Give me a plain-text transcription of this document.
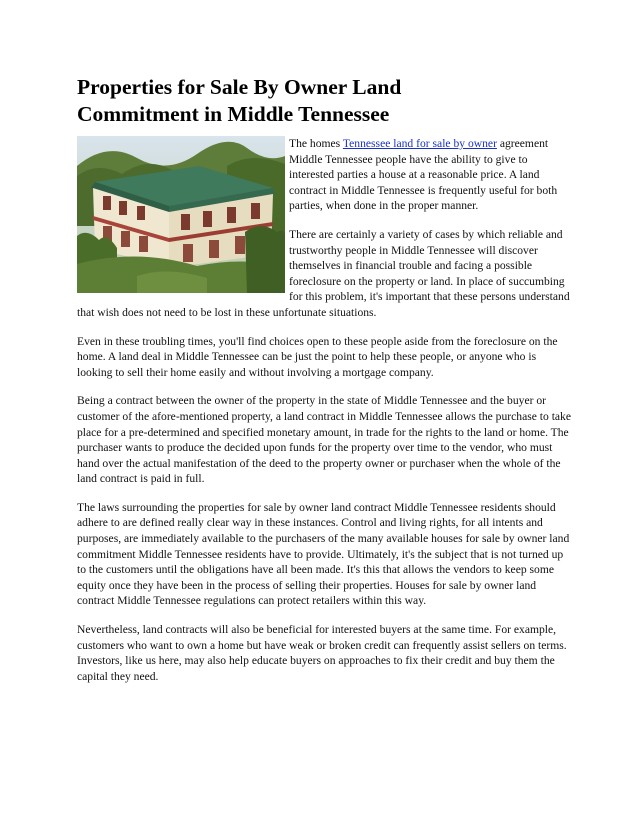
Properties for Sale By Owner Land
Commitment in Middle Tennessee

The homes Tennessee land for sale by owner agreement Middle Tennessee people have the ability to give to interested parties a house at a reasonable price. A land contract in Middle Tennessee is frequently useful for both parties, when done in the proper manner.

There are certainly a variety of cases by which reliable and trustworthy people in Middle Tennessee will discover themselves in financial trouble and facing a possible foreclosure on the property or land. In place of succumbing for this problem, it's important that these persons understand that wish does not need to be lost in these unfortunate situations.

Even in these troubling times, you'll find choices open to these people aside from the foreclosure on the home. A land deal in Middle Tennessee can be just the point to help these people, or anyone who is looking to sell their home easily and without involving a mortgage company.

Being a contract between the owner of the property in the state of Middle Tennessee and the buyer or customer of the afore-mentioned property, a land contract in Middle Tennessee allows the purchase to take place for a pre-determined and specified monetary amount, in trade for the rights to the land or home. The purchaser wants to produce the decided upon funds for the property over time to the vendor, who must hand over the actual manifestation of the deed to the property owner or purchaser when the whole of the land contract is paid in full.

The laws surrounding the properties for sale by owner land contract Middle Tennessee residents should adhere to are defined really clear way in these instances. Control and living rights, for all intents and purposes, are immediately available to the purchasers of the many available houses for sale by owner land commitment Middle Tennessee residents have to provide. Ultimately, it's the subject that is not turned up to the customers until the obligations have all been made. It's this that allows the vendors to keep some equity once they have been in the process of selling their properties. Houses for sale by owner land contract Middle Tennessee regulations can protect retailers within this way.

Nevertheless, land contracts will also be beneficial for interested buyers at the same time. For example, customers who want to own a home but have weak or broken credit can frequently assist sellers on terms. Investors, like us here, may also help educate buyers on approaches to fix their credit and buy them the capital they need.
